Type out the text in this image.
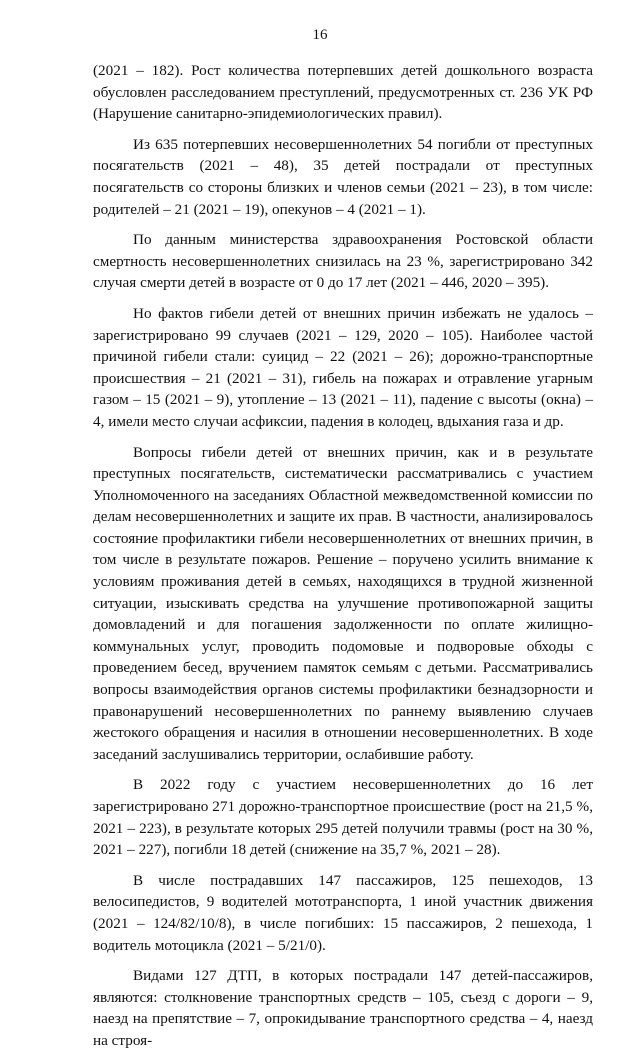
16

(2021 – 182). Рост количества потерпевших детей дошкольного возраста обусловлен расследованием преступлений, предусмотренных ст. 236 УК РФ (Нарушение санитарно-эпидемиологических правил).

Из 635 потерпевших несовершеннолетних 54 погибли от преступных посягательств (2021 – 48), 35 детей пострадали от преступных посягательств со стороны близких и членов семьи (2021 – 23), в том числе: родителей – 21 (2021 – 19), опекунов – 4 (2021 – 1).

По данным министерства здравоохранения Ростовской области смертность несовершеннолетних снизилась на 23 %, зарегистрировано 342 случая смерти детей в возрасте от 0 до 17 лет (2021 – 446, 2020 – 395).

Но фактов гибели детей от внешних причин избежать не удалось – зарегистрировано 99 случаев (2021 – 129, 2020 – 105). Наиболее частой причиной гибели стали: суицид – 22 (2021 – 26); дорожно-транспортные происшествия – 21 (2021 – 31), гибель на пожарах и отравление угарным газом – 15 (2021 – 9), утопление – 13 (2021 – 11), падение с высоты (окна) – 4, имели место случаи асфиксии, падения в колодец, вдыхания газа и др.

Вопросы гибели детей от внешних причин, как и в результате преступных посягательств, систематически рассматривались с участием Уполномоченного на заседаниях Областной межведомственной комиссии по делам несовершеннолетних и защите их прав. В частности, анализировалось состояние профилактики гибели несовершеннолетних от внешних причин, в том числе в результате пожаров. Решение – поручено усилить внимание к условиям проживания детей в семьях, находящихся в трудной жизненной ситуации, изыскивать средства на улучшение противопожарной защиты домовладений и для погашения задолженности по оплате жилищно-коммунальных услуг, проводить подомовые и подворовые обходы с проведением бесед, вручением памяток семьям с детьми. Рассматривались вопросы взаимодействия органов системы профилактики безнадзорности и правонарушений несовершеннолетних по раннему выявлению случаев жестокого обращения и насилия в отношении несовершеннолетних. В ходе заседаний заслушивались территории, ослабившие работу.

В 2022 году с участием несовершеннолетних до 16 лет зарегистрировано 271 дорожно-транспортное происшествие (рост на 21,5 %, 2021 – 223), в результате которых 295 детей получили травмы (рост на 30 %, 2021 – 227), погибли 18 детей (снижение на 35,7 %, 2021 – 28).

В числе пострадавших 147 пассажиров, 125 пешеходов, 13 велосипедистов, 9 водителей мототранспорта, 1 иной участник движения (2021 – 124/82/10/8), в числе погибших: 15 пассажиров, 2 пешехода, 1 водитель мотоцикла (2021 – 5/21/0).

Видами 127 ДТП, в которых пострадали 147 детей-пассажиров, являются: столкновение транспортных средств – 105, съезд с дороги – 9, наезд на препятствие – 7, опрокидывание транспортного средства – 4, наезд на строя-
